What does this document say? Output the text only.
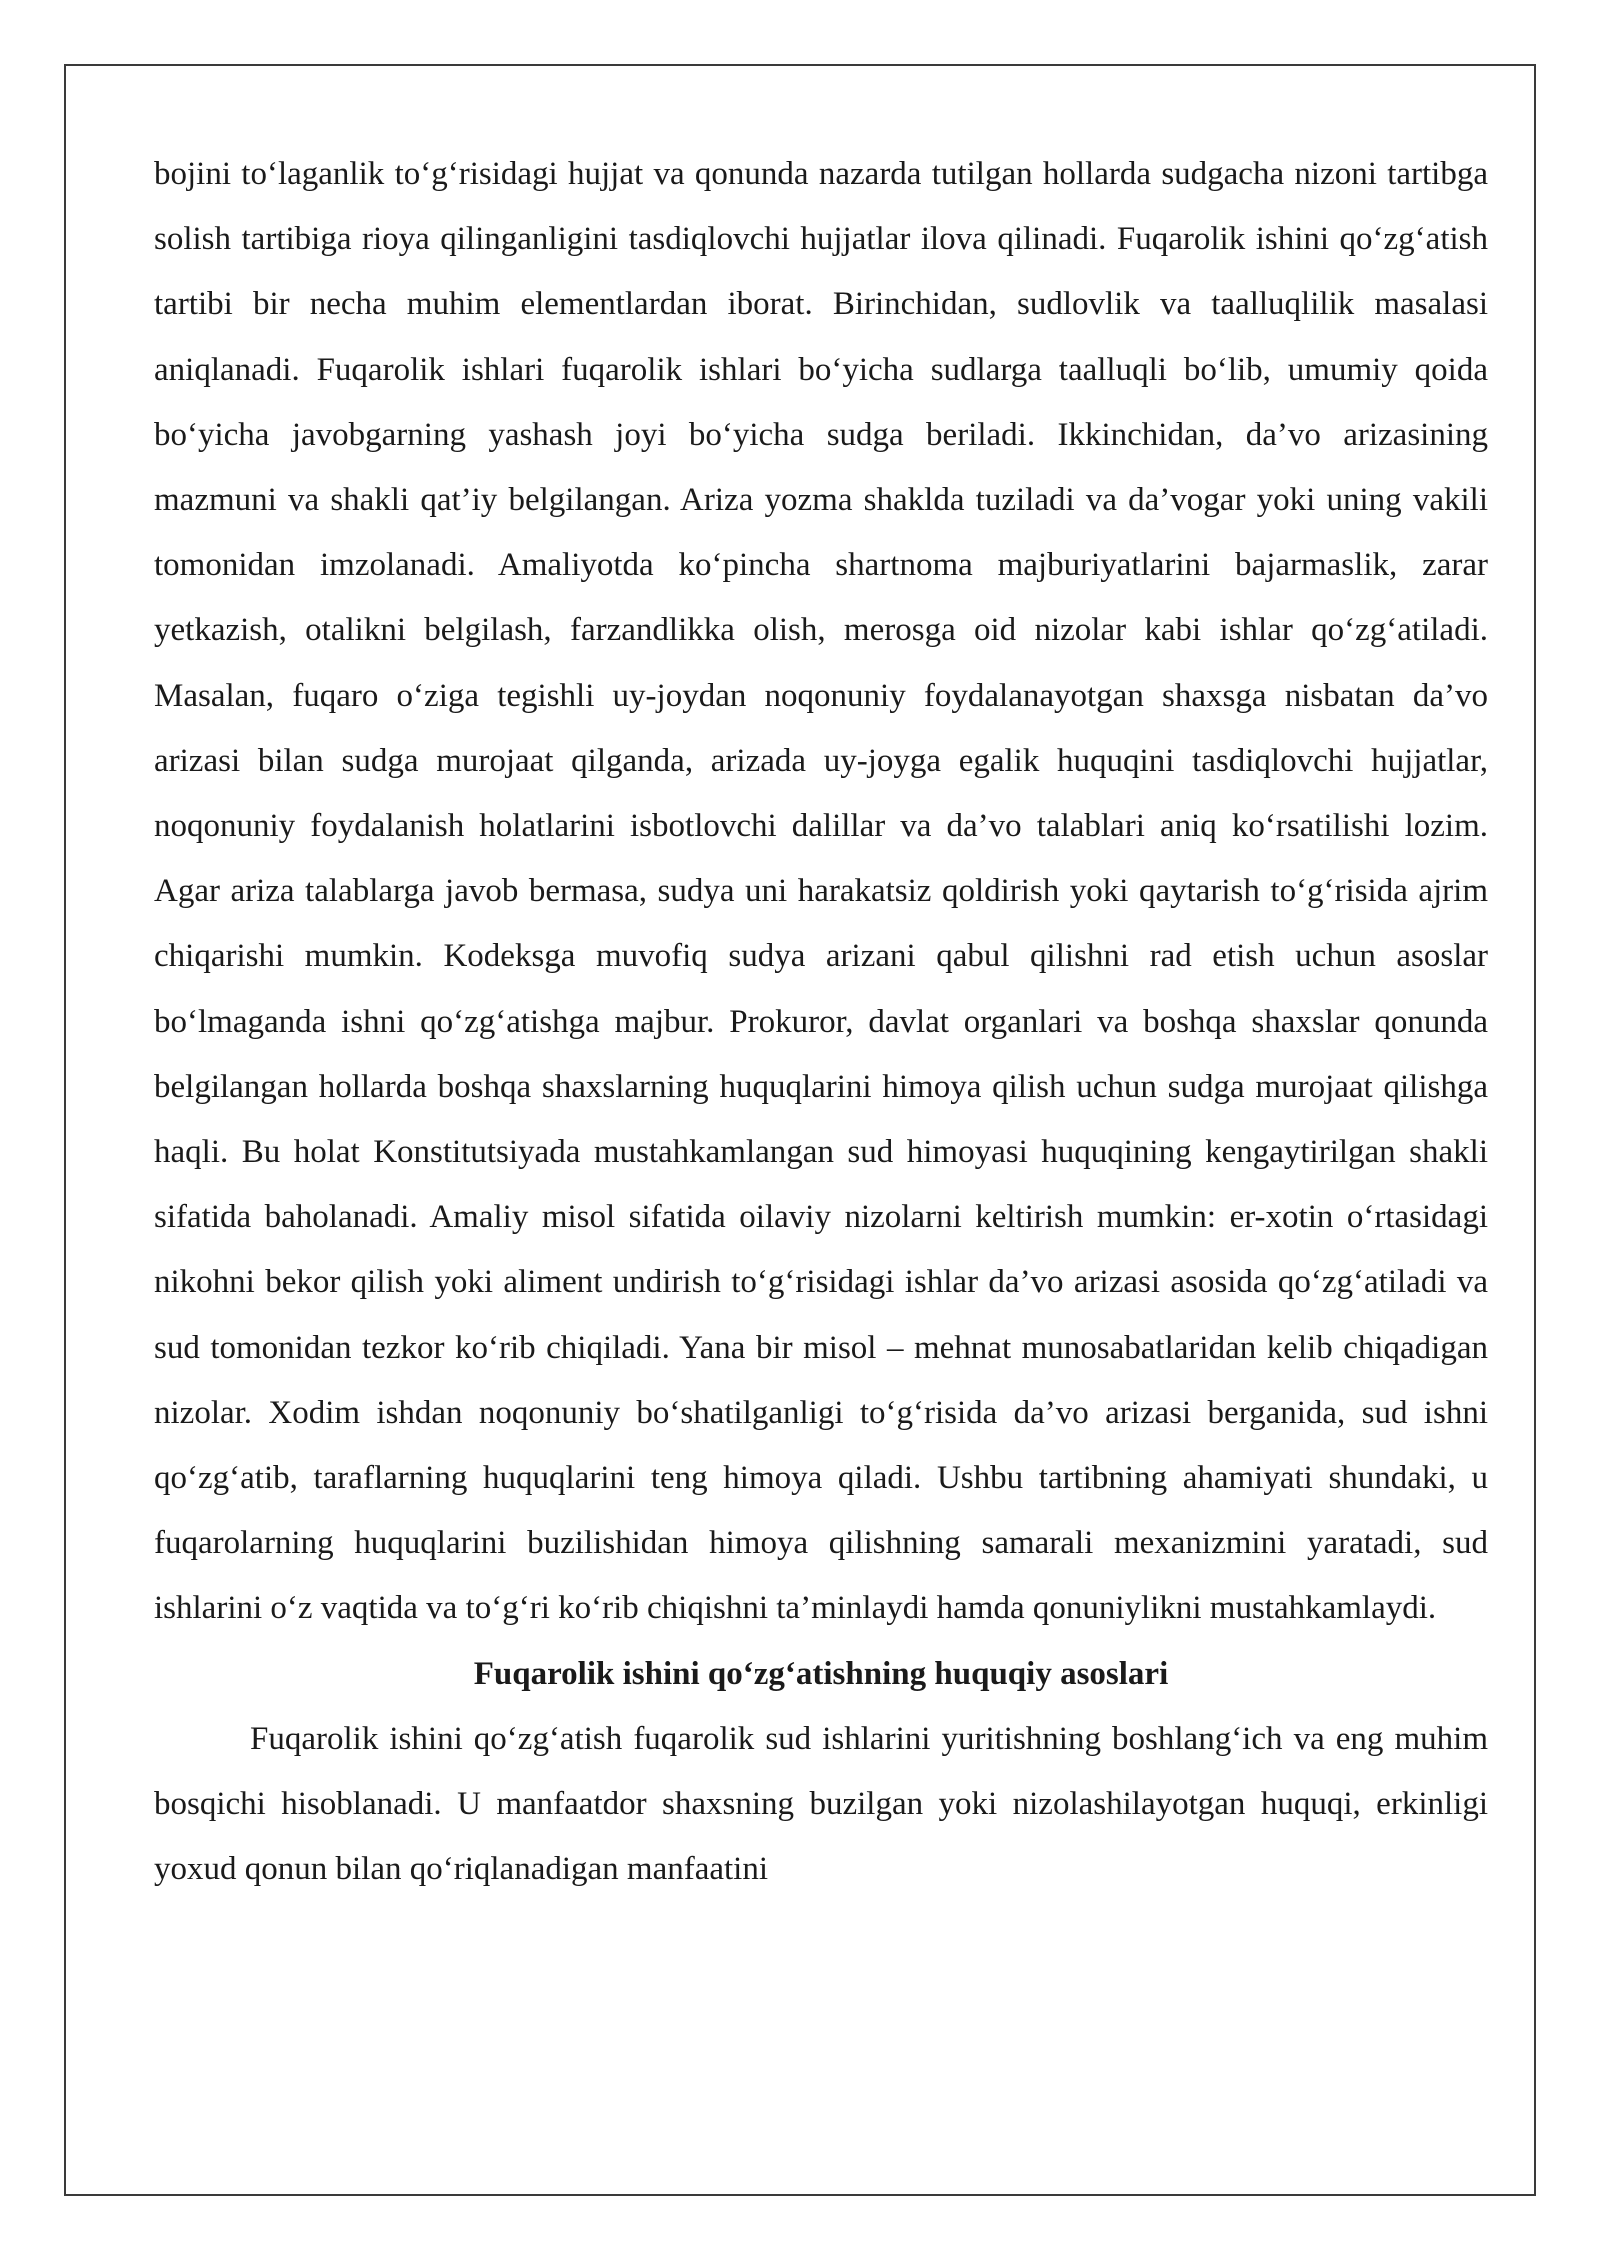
bojini to‘laganlik to‘g‘risidagi hujjat va qonunda nazarda tutilgan hollarda sudgacha nizoni tartibga solish tartibiga rioya qilinganligini tasdiqlovchi hujjatlar ilova qilinadi. Fuqarolik ishini qo‘zg‘atish tartibi bir necha muhim elementlardan iborat. Birinchidan, sudlovlik va taalluqlilik masalasi aniqlanadi. Fuqarolik ishlari fuqarolik ishlari bo‘yicha sudlarga taalluqli bo‘lib, umumiy qoida bo‘yicha javobgarning yashash joyi bo‘yicha sudga beriladi. Ikkinchidan, da’vo arizasining mazmuni va shakli qat’iy belgilangan. Ariza yozma shaklda tuziladi va da’vogar yoki uning vakili tomonidan imzolanadi. Amaliyotda ko‘pincha shartnoma majburiyatlarini bajarmaslik, zarar yetkazish, otalikni belgilash, farzandlikka olish, merosga oid nizolar kabi ishlar qo‘zg‘atiladi. Masalan, fuqaro o‘ziga tegishli uy-joydan noqonuniy foydalanayotgan shaxsga nisbatan da’vo arizasi bilan sudga murojaat qilganda, arizada uy-joyga egalik huquqini tasdiqlovchi hujjatlar, noqonuniy foydalanish holatlarini isbotlovchi dalillar va da’vo talablari aniq ko‘rsatilishi lozim. Agar ariza talablarga javob bermasa, sudya uni harakatsiz qoldirish yoki qaytarish to‘g‘risida ajrim chiqarishi mumkin. Kodeksga muvofiq sudya arizani qabul qilishni rad etish uchun asoslar bo‘lmaganda ishni qo‘zg‘atishga majbur. Prokuror, davlat organlari va boshqa shaxslar qonunda belgilangan hollarda boshqa shaxslarning huquqlarini himoya qilish uchun sudga murojaat qilishga haqli. Bu holat Konstitutsiyada mustahkamlangan sud himoyasi huquqining kengaytirilgan shakli sifatida baholanadi. Amaliy misol sifatida oilaviy nizolarni keltirish mumkin: er-xotin o‘rtasidagi nikohni bekor qilish yoki aliment undirish to‘g‘risidagi ishlar da’vo arizasi asosida qo‘zg‘atiladi va sud tomonidan tezkor ko‘rib chiqiladi. Yana bir misol – mehnat munosabatlaridan kelib chiqadigan nizolar. Xodim ishdan noqonuniy bo‘shatilganligi to‘g‘risida da’vo arizasi berganida, sud ishni qo‘zg‘atib, taraflarning huquqlarini teng himoya qiladi. Ushbu tartibning ahamiyati shundaki, u fuqarolarning huquqlarini buzilishidan himoya qilishning samarali mexanizmini yaratadi, sud ishlarini o‘z vaqtida va to‘g‘ri ko‘rib chiqishni ta’minlaydi hamda qonuniylikni mustahkamlaydi.

Fuqarolik ishini qo‘zg‘atishning huquqiy asoslari

Fuqarolik ishini qo‘zg‘atish fuqarolik sud ishlarini yuritishning boshlang‘ich va eng muhim bosqichi hisoblanadi. U manfaatdor shaxsning buzilgan yoki nizolashilayotgan huquqi, erkinligi yoxud qonun bilan qo‘riqlanadigan manfaatini
